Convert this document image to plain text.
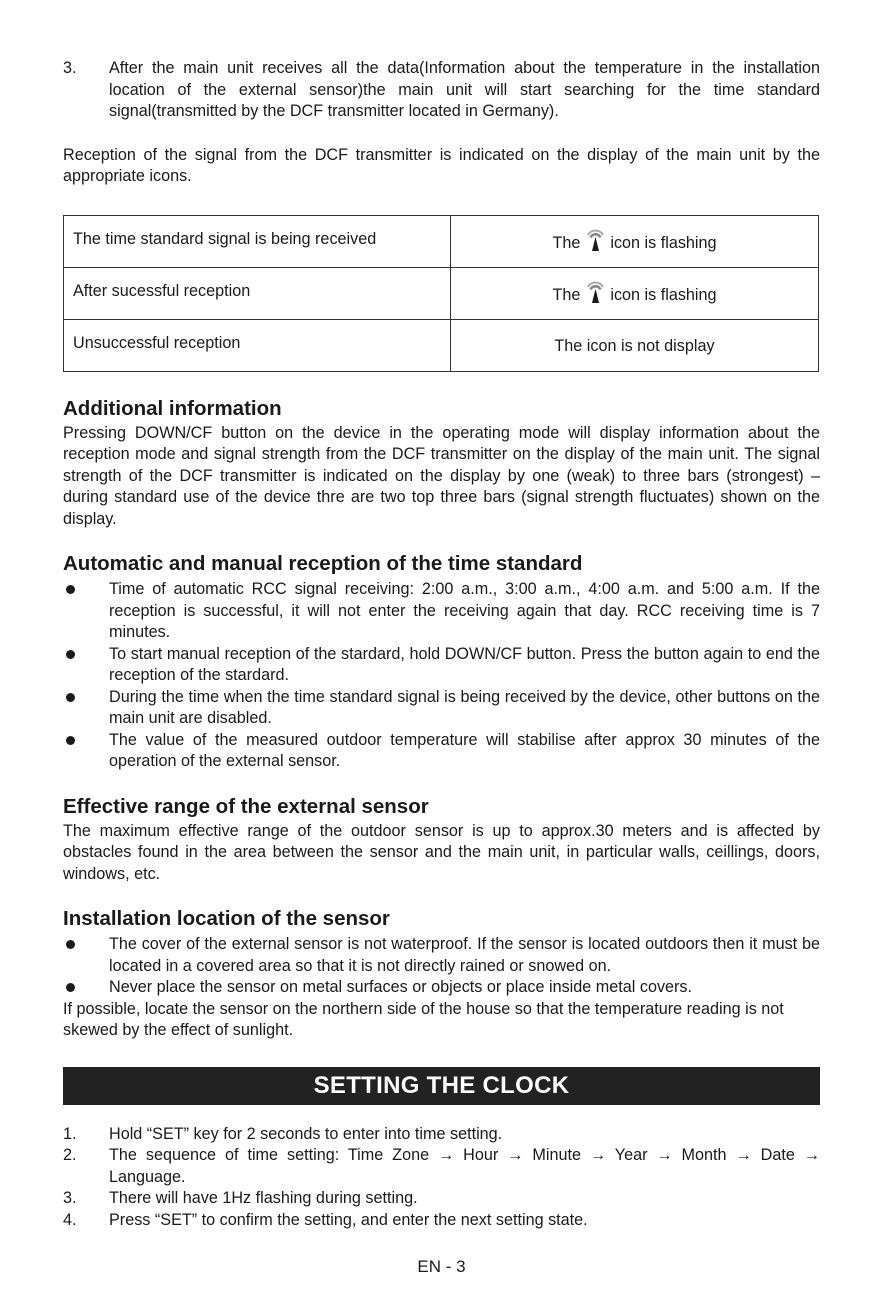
3.	After the main unit receives all the data(Information about the temperature in the installation location of the external sensor)the main unit will start searching for the time standard signal(transmitted by the DCF transmitter located in Germany).

Reception of the signal from the DCF transmitter is indicated on the display of the main unit by the appropriate icons.

The time standard signal is being received	The icon is flashing
After sucessful reception	The icon is flashing
Unsuccessful reception	The icon is not display
Additional information

Pressing DOWN/CF button on the device in the operating mode will display information about the reception mode and signal strength from the DCF transmitter on the display of the main unit. The signal strength of the DCF transmitter is indicated on the display by one (weak) to three bars (strongest) – during standard use of the device thre are two top three bars (signal strength fluctuates) shown on the display.

Automatic and manual reception of the time standard
Time of automatic RCC signal receiving: 2:00 a.m., 3:00 a.m., 4:00 a.m. and 5:00 a.m. If the reception is successful, it will not enter the receiving again that day. RCC receiving time is 7 minutes.
To start manual reception of the stardard, hold DOWN/CF button. Press the button again to end the reception of the stardard.
During the time when the time standard signal is being received by the device, other buttons on the main unit are disabled.
The value of the measured outdoor temperature will stabilise after approx 30 minutes of the operation of the external sensor.
Effective range of the external sensor

The maximum effective range of the outdoor sensor is up to approx.30 meters and is affected by obstacles found in the area between the sensor and the main unit, in particular walls, ceillings, doors, windows, etc.

Installation location of the sensor
The cover of the external sensor is not waterproof. If the sensor is located outdoors then it must be located in a covered area so that it is not directly rained or snowed on.
Never place the sensor on metal surfaces or objects or place inside metal covers.

If possible, locate the sensor on the northern side of the house so that the temperature reading is not skewed by the effect of sunlight.

SETTING THE CLOCK
1.	Hold “SET” key for 2 seconds to enter into time setting.
2.	The sequence of time setting: Time Zone → Hour → Minute → Year → Month → Date → Language.
3.	There will have 1Hz flashing during setting.
4.	Press “SET” to confirm the setting, and enter the next setting state.
EN - 3
